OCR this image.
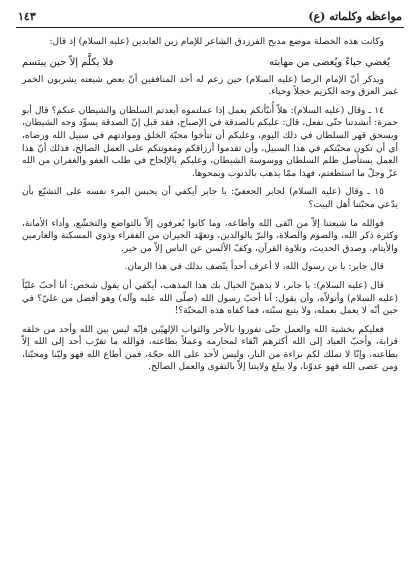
١٤٣	مواعظه وكلماته (ع)

وكانت هذه الخصلة موضع مديح الفرزدق الشاعر للإمام زين العابدين (عليه السلام) إذ قال:

يُغضي حياءً ويُغضى من مهابته
فلا يكلَّم إلاّ حين يبتسم

ويذكر أنّ الإمام الرضا (عليه السلام) حين زعم له أحد المنافقين أنّ بعض شيعته يشربون الخمر غمر العرق وجه الكريم خجلاً وحياء.

١٤ ـ وقال (عليه السلام): هلاّ أُنبّأنكم بعمل إذا عملتموه أبعدتم السلطان والشيطان عنكم؟ قال أبو حمزة: أنشدتنا حتّى نفعل، قال: عليكم بالصدقة في الإصباح، فقد قبل إنّ الصدقة يسوِّد وجه الشيطان، ويسحق قهر السلطان في ذلك اليوم، وعليكم أن تتأخوا محبّة الخلق وموادتهم في سبيل الله ورضاه، أي أن تكون محبّتكم في هذا السبيل، وأن تقدموا أرزاقكم ومعونتكم على العمل الصالح، فذلك أنّ هذا العمل يستأصل ظلم السلطان ووسوسة الشيطان، وعليكم بالإلحاح في طلب العفو والغفران من الله عزّ وجلّ ما استطعتم، فهذا ممّا يذهب بالذنوب ويمحوها.

١٥ ـ وقال (عليه السلام) لجابر الجعفيّ: يا جابر أيكفي أن يحبس المرء نفسه على التشيّع بأن يدّعي محبّتنا أهل البيت؟

فوالله ما شيعتنا إلاّ من اتّقى الله وأطاعه، وما كانوا يُعرفون إلاّ بالتواضع والتخشّع، وأداء الأمانة، وكثرة ذكر الله، والصوم والصلاة، والبرّ بالوالدين، وتعهّد الجيران من الفقراء وذوي المسكنة والغارمين والأيتام، وصدق الحديث، وتلاوة القرآن، وكفّ الألسن عن الناس إلاّ من خير.

قال جابر: يا بن رسول الله، لا أعرف أحداً يتّصف بذلك في هذا الزمان.

قال (عليه السلام): يا جابر، لا يذهبنّ الخيال بك هذا المذهب، أيكفي أن يقول شخص: أنا أحبّ عليّاً (عليه السلام) وأتولاّه، وأن يقول: أنا أحبّ رسول الله (صلّى الله عليه وآله) وهو أفضل من عليّ؟ في حين أنّه لا يعمل بعمله، ولا يتبع سنّته، فما كفاه هذه المحبّة؟!

فعليكم بخشية الله والعمل حتّى تفوزوا بالأجر والثواب الإلهيّين فإنّه ليس بين الله وأحد من خلقه قرابة، وأحبّ العباد إلى الله أكثرهم اتّقاء لمحارمه وعملاً بطاعته، فوالله ما تقرّب أحد إلى الله إلاّ بطاعته، وإنّا لا نملك لكم براءة من النار، وليس لأحد على الله حجّة، فمن أطاع الله فهو وليّنا ومحبّنا، ومن عصى الله فهو عدوّنا، ولا يبلغ ولايتنا إلاّ بالتقوى والعمل الصالح.
